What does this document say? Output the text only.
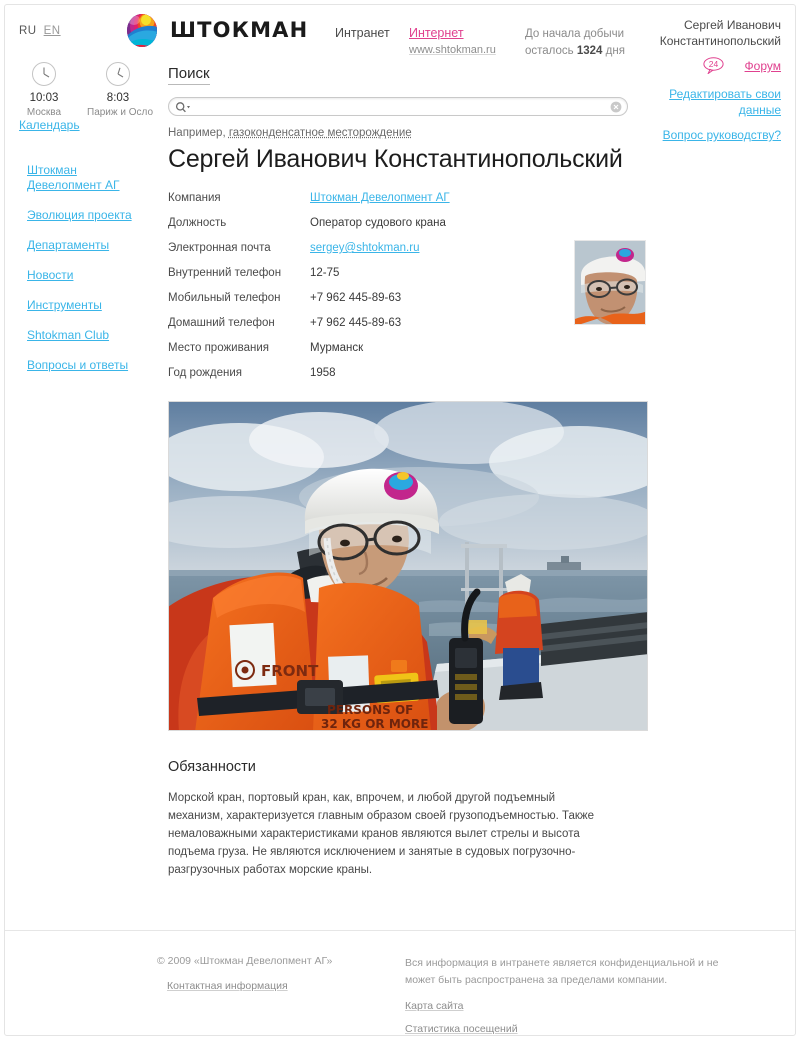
RU EN	ШТОКМАН Интранет Интернет
www.shtokman.ru
До начала добычи
осталось 1324 дня
Сергей Иванович Константинопольский
24	Форум
Редактировать свои данные
Вопрос руководству?
10:03
Москва
8:03
Париж и Осло
Календарь
Поиск
Например, газоконденсатное месторождение
Штокман Девелопмент АГ
Эволюция проекта
Департаменты
Новости
Инструменты
Shtokman Club
Вопросы и ответы
Сергей Иванович Константинопольский
Компания	Штокман Девелопмент АГ
Должность	Оператор судового крана
Электронная почта	sergey@shtokman.ru
Внутренний телефон	12-75
Мобильный телефон	+7 962 445-89-63
Домашний телефон	+7 962 445-89-63
Место проживания	Мурманск
Год рождения	1958
FRONT
PERSONS OF
32 KG OR MORE
Обязанности

Морской кран, портовый кран, как, впрочем, и любой другой подъемный механизм, характеризуется главным образом своей грузоподъемностью. Также немаловажными характеристиками кранов являются вылет стрелы и высота подъема груза. Не являются исключением и занятые в судовых погрузочно-разгрузочных работах морские краны.

© 2009 «Штокман Девелопмент АГ»
Контактная информация
Вся информация в интранете является конфиденциальной и не может быть распространена за пределами компании.
Карта сайта
Статистика посещений
